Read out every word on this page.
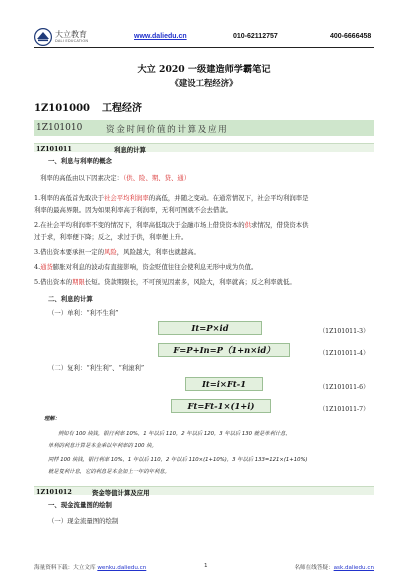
大立教育
DALI EDUCATION
www.daliedu.cn	010-62112757	400-6666458
大立 2020 一级建造师学霸笔记
《建设工程经济》
1Z101000 工程经济
1Z101010	资金时间价值的计算及应用
1Z101011	利息的计算
一、利息与利率的概念
利率的高低由以下因素决定：（供、险、期、贷、通）
1.利率的高低首先取决于社会平均利润率的高低，并随之变动。在通常情况下，社会平均利润率是
利率的最高界限。因为如果利率高于利润率，无利可图就不会去借款。
2.在社会平均利润率不变的情况下，利率高低取决于金融市场上借贷资本的供求情况，借贷资本供
过于求，利率便下降；反之，求过于供，利率便上升。
3.借出资本要承担一定的风险，风险越大，利率也就越高。
4.通货膨胀对利息的波动有直接影响，资金贬值往往会使利息无形中成为负值。
5.借出资本的期限长短。贷款期限长，不可预见因素多，风险大，利率就高；反之利率就低。
二、利息的计算
（一）单利：“利不生利”
It=P×id	（1Z101011-3）
F=P+In=P（1+n×id）	（1Z101011-4）
（二）复利：“利生利”、“利滚利”
It=i×Ft-1	（1Z101011-6）
Ft=Ft-1×(1+i)	（1Z101011-7）
理解：
例如有 100 块钱，银行利率 10%，1 年以后 110，2 年以后 120，3 年以后 130 就是单利计息，
单利的利息计算是本金乘以年利率的 100 块。
同样 100 块钱，银行利率 10%，1 年以后 110，2 年以后 110×(1+10%)，3 年以后 133=121×(1+10%)
就是复利计息，它的利息是本金加上一年的年利息。
1Z101012	资金等值计算及应用
一、现金流量图的绘制
（一）现金流量图的绘制
海量资料下载：大立文库 wenku.daliedu.cn	1	名师在线答疑：ask.daliedu.cn
